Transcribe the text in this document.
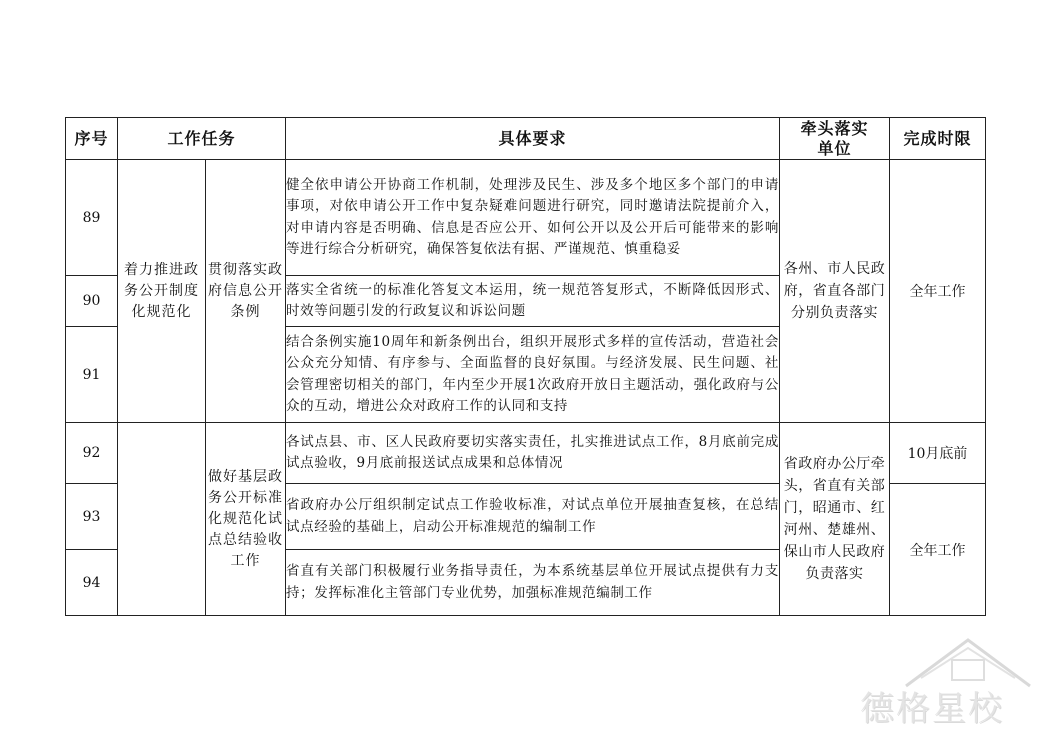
序号	工作任务		具体要求	牵头落实单位	完成时限
89	着力推进政务公开制度化规范化	贯彻落实政府信息公开条例	健全依申请公开协商工作机制，处理涉及民生、涉及多个地区多个部门的申请事项，对依申请公开工作中复杂疑难问题进行研究，同时邀请法院提前介入，对申请内容是否明确、信息是否应公开、如何公开以及公开后可能带来的影响等进行综合分析研究，确保答复依法有据、严谨规范、慎重稳妥	各州、市人民政府，省直各部门分别负责落实	全年工作
90			落实全省统一的标准化答复文本运用，统一规范答复形式，不断降低因形式、时效等问题引发的行政复议和诉讼问题		
91			结合条例实施10周年和新条例出台，组织开展形式多样的宣传活动，营造社会公众充分知情、有序参与、全面监督的良好氛围。与经济发展、民生问题、社会管理密切相关的部门，年内至少开展1次政府开放日主题活动，强化政府与公众的互动，增进公众对政府工作的认同和支持		
92		做好基层政务公开标准化规范化试点总结验收工作	各试点县、市、区人民政府要切实落实责任，扎实推进试点工作，8月底前完成试点验收，9月底前报送试点成果和总体情况	省政府办公厅牵头，省直有关部门，昭通市、红河州、楚雄州、保山市人民政府负责落实	10月底前
93			省政府办公厅组织制定试点工作验收标准，对试点单位开展抽查复核，在总结试点经验的基础上，启动公开标准规范的编制工作		全年工作
94			省直有关部门积极履行业务指导责任，为本系统基层单位开展试点提供有力支持；发挥标准化主管部门专业优势，加强标准规范编制工作		
德格星校
